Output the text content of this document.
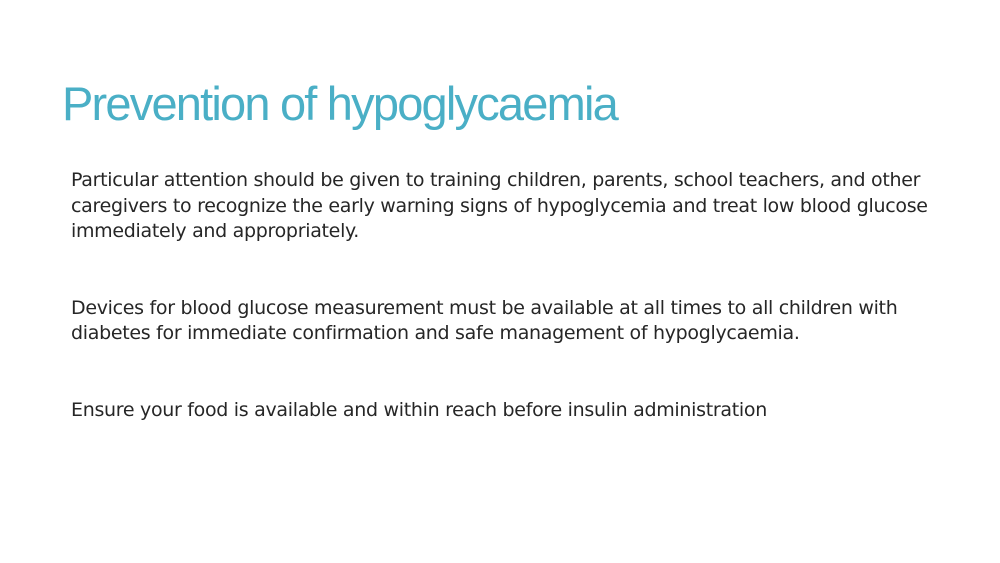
Prevention of hypoglycaemia

Particular attention should be given to training children, parents, school teachers, and other caregivers to recognize the early warning signs of hypoglycemia and treat low blood glucose immediately and appropriately.

Devices for blood glucose measurement must be available at all times to all children with diabetes for immediate confirmation and safe management of hypoglycaemia.

Ensure your food is available and within reach before insulin administration
